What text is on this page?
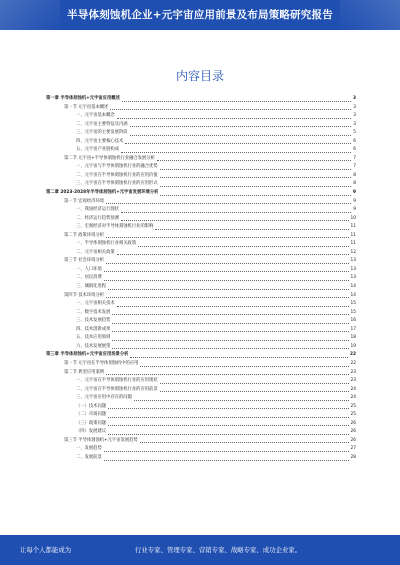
半导体刻蚀机企业+元宇宙应用前景及布局策略研究报告
内容目录
第一章 半导体刻蚀机+元宇宙应用概述	3
第一节 元宇宙基本概述	3
一、元宇宙基本概念	3
二、元宇宙主要特征及内涵	3
三、元宇宙的主要发展阶段	5
四、元宇宙主要核心技术	6
五、元宇宙产业链构成	6
第二节 元宇宙+半导体刻蚀机行业融合发展分析	7
一、元宇宙与半导体刻蚀机行业的融合优势	7
二、元宇宙在半导体刻蚀机行业的应用价值	8
三、元宇宙在半导体刻蚀机行业的应用形式	8
第二章 2023-2028年半导体刻蚀机+元宇宙发展环境分析	9
第一节 宏观经济环境	9
一、我国经济运行现状	9
二、经济运行趋势预测	10
三、宏观经济对半导体刻蚀机行业的影响	11
第二节 政策环境分析	11
一、半导体刻蚀机行业相关政策	11
二、元宇宙相关政策	12
第三节 社会环境分析	13
一、人口环境	13
二、居民消费	13
三、城镇化进程	14
第四节 技术环境分析	14
一、元宇宙相关技术	15
二、数字技术发展	15
三、技术发展趋势	16
四、技术创新成果	17
五、技术应用领域	18
六、技术发展展望	19
第三章 半导体刻蚀机+元宇宙应用场景分析	22
第一节 元宇宙在半导体刻蚀机中的应用	22
第二节 典型应用案例	23
一、元宇宙在半导体刻蚀机行业的应用现状	23
二、元宇宙在半导体刻蚀机行业的应用前景	24
三、元宇宙应用中存在的问题	24
（一）技术问题	25
（二）市场问题	25
（三）政策问题	26
（四）发展建议	26
第三节 半导体刻蚀机+元宇宙发展趋势	26
一、发展趋势	27
二、发展前景	28
让每个人都能成为	行业专家、管理专家、营销专家、战略专家、成功企业家。
